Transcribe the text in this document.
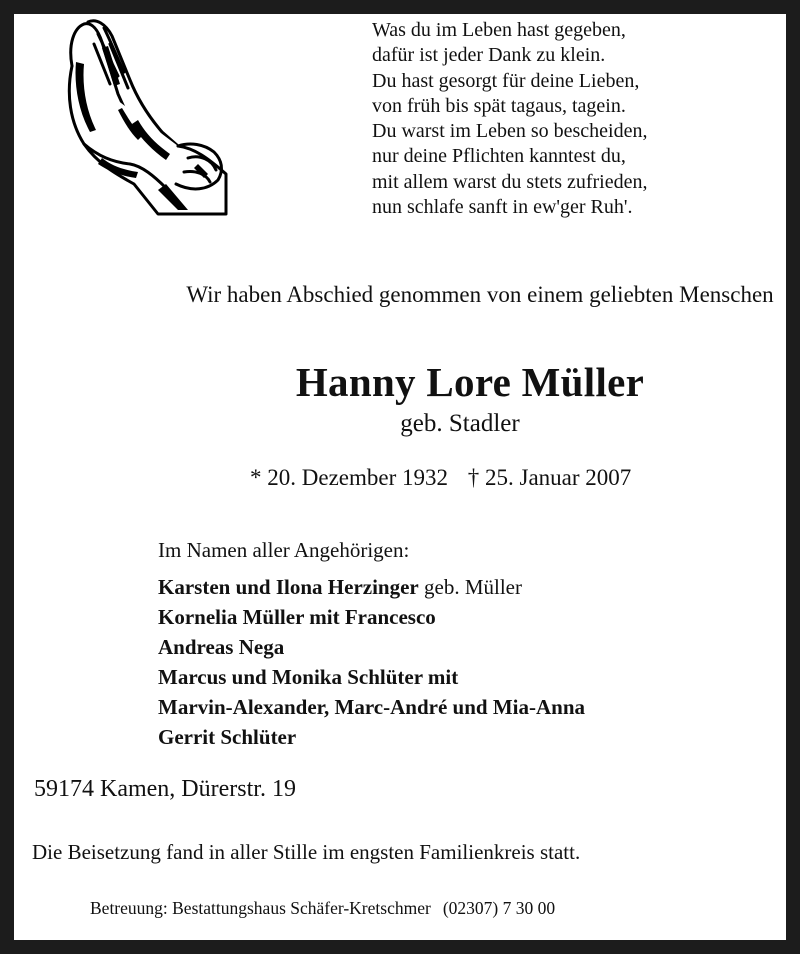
Was du im Leben hast gegeben,
dafür ist jeder Dank zu klein.
Du hast gesorgt für deine Lieben,
von früh bis spät tagaus, tagein.
Du warst im Leben so bescheiden,
nur deine Pflichten kanntest du,
mit allem warst du stets zufrieden,
nun schlafe sanft in ew'ger Ruh'.
Wir haben Abschied genommen von einem geliebten Menschen
Hanny Lore Müller
geb. Stadler
* 20. Dezember 1932 † 25. Januar 2007
Im Namen aller Angehörigen:
Karsten und Ilona Herzinger geb. Müller
Kornelia Müller mit Francesco
Andreas Nega
Marcus und Monika Schlüter mit
Marvin-Alexander, Marc-André und Mia-Anna
Gerrit Schlüter
59174 Kamen, Dürerstr. 19
Die Beisetzung fand in aller Stille im engsten Familienkreis statt.
Betreuung: Bestattungshaus Schäfer-Kretschmer (02307) 7 30 00
